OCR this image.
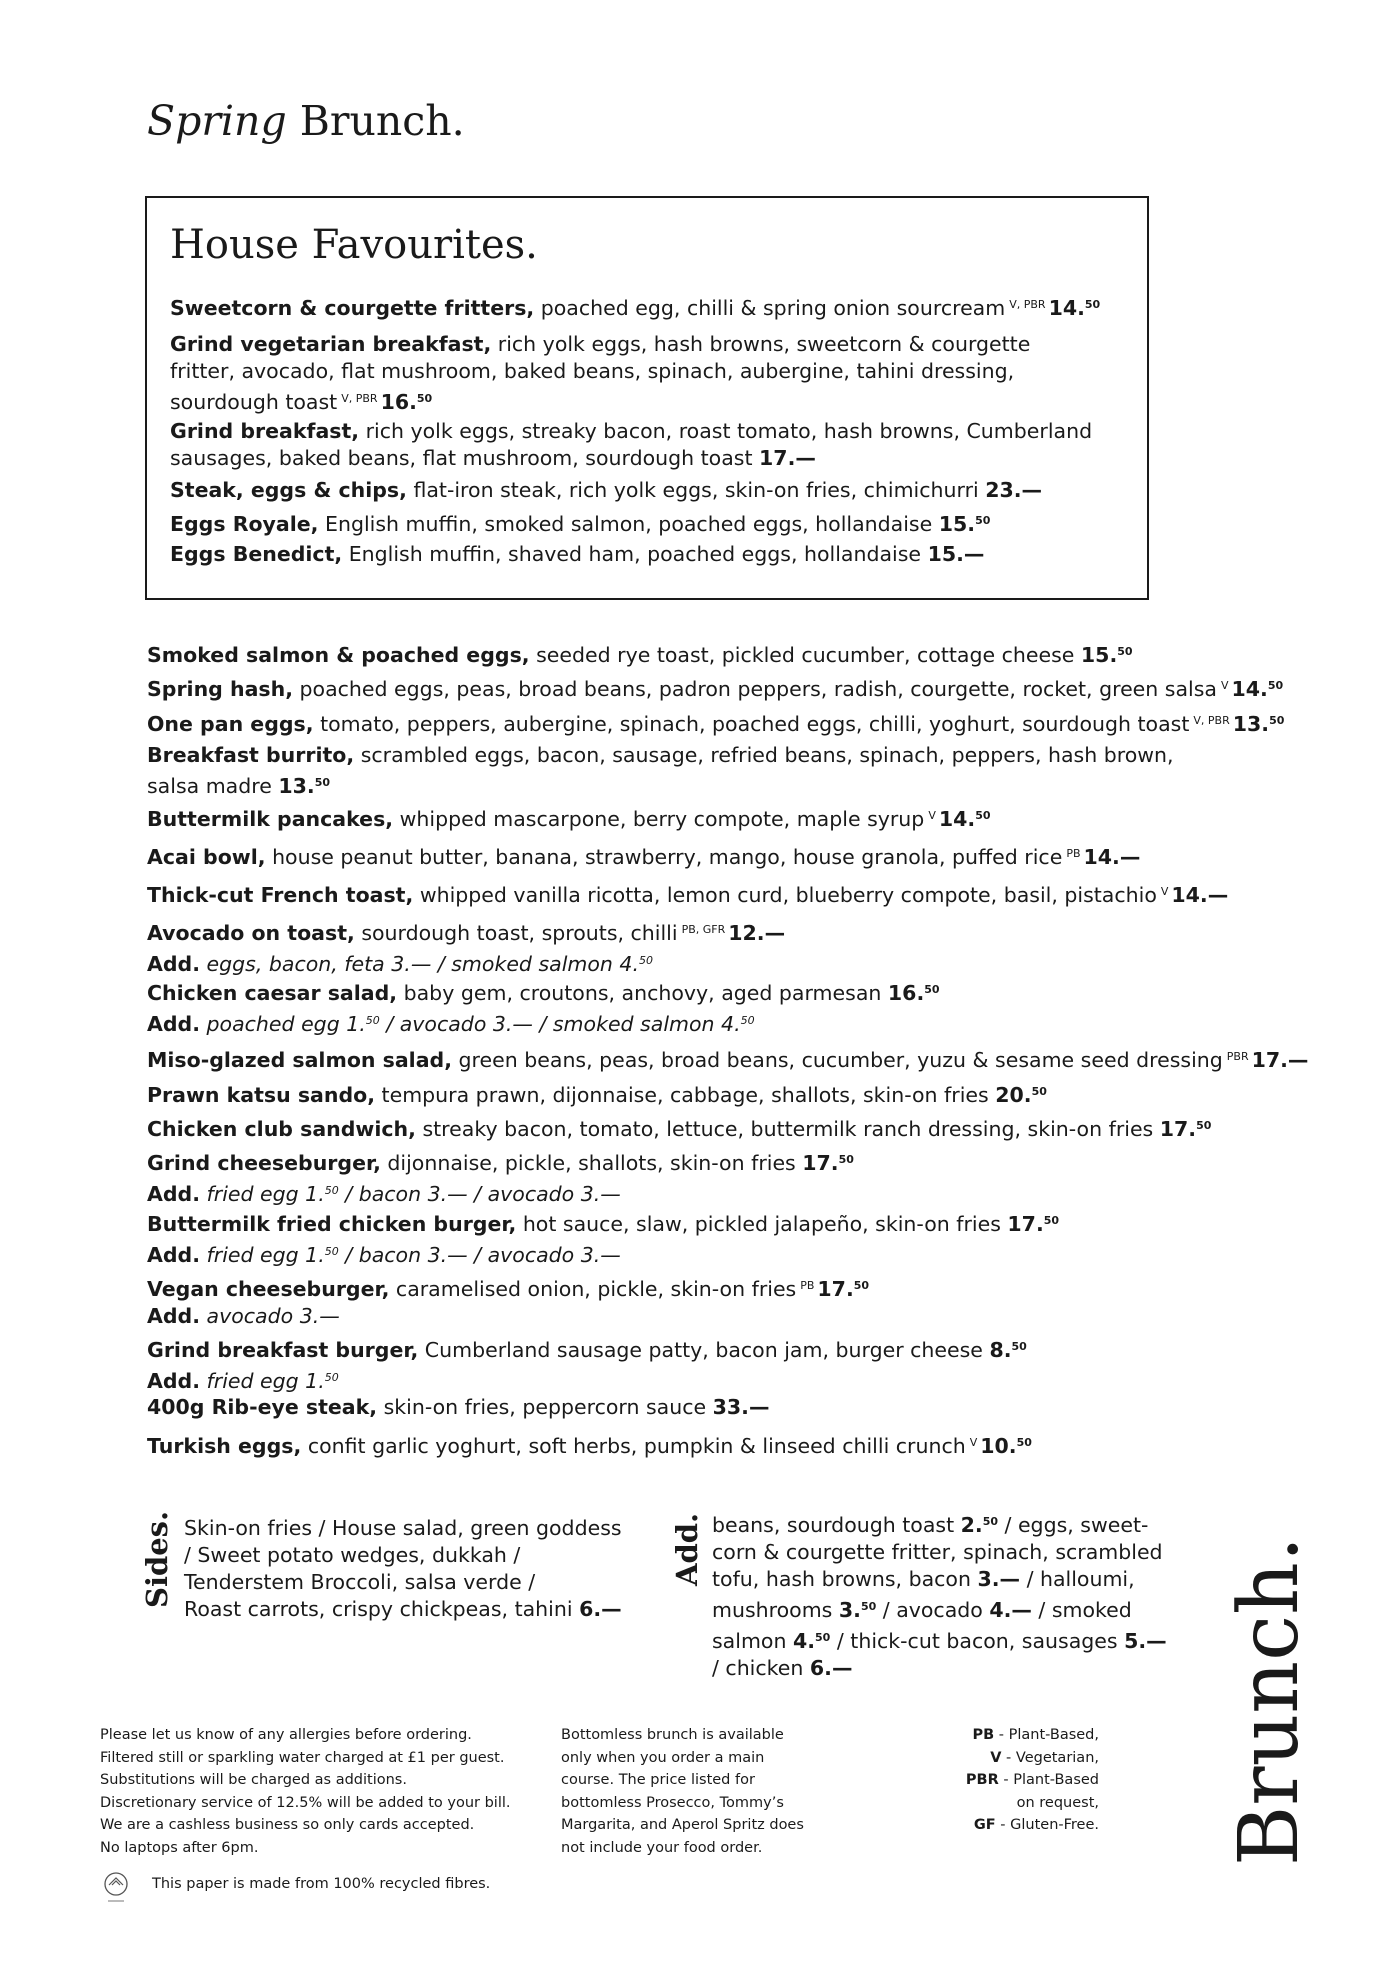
Spring Brunch.
House Favourites.
Sweetcorn & courgette fritters, poached egg, chilli & spring onion sourcream $^{V, PBR}$ 14.50
Grind vegetarian breakfast, rich yolk eggs, hash browns, sweetcorn & courgette
fritter, avocado, flat mushroom, baked beans, spinach, aubergine, tahini dressing,
sourdough toast $^{V, PBR}$ 16.50
Grind breakfast, rich yolk eggs, streaky bacon, roast tomato, hash browns, Cumberland
sausages, baked beans, flat mushroom, sourdough toast 17.—
Steak, eggs & chips, flat-iron steak, rich yolk eggs, skin-on fries, chimichurri 23.—
Eggs Royale, English muffin, smoked salmon, poached eggs, hollandaise 15.50
Eggs Benedict, English muffin, shaved ham, poached eggs, hollandaise 15.—
Smoked salmon & poached eggs, seeded rye toast, pickled cucumber, cottage cheese 15.50
Spring hash, poached eggs, peas, broad beans, padron peppers, radish, courgette, rocket, green salsa $^V$ 14.50
One pan eggs, tomato, peppers, aubergine, spinach, poached eggs, chilli, yoghurt, sourdough toast $^{V, PBR}$ 13.50
Breakfast burrito, scrambled eggs, bacon, sausage, refried beans, spinach, peppers, hash brown,
salsa madre 13.50
Buttermilk pancakes, whipped mascarpone, berry compote, maple syrup $^V$ 14.50
Acai bowl, house peanut butter, banana, strawberry, mango, house granola, puffed rice $^{PB}$ 14.—
Thick-cut French toast, whipped vanilla ricotta, lemon curd, blueberry compote, basil, pistachio $^V$ 14.—
Avocado on toast, sourdough toast, sprouts, chilli $^{PB, GFR}$ 12.—
Add. eggs, bacon, feta 3.— / smoked salmon 4.50
Chicken caesar salad, baby gem, croutons, anchovy, aged parmesan 16.50
Add. poached egg 1.50 / avocado 3.— / smoked salmon 4.50
Miso-glazed salmon salad, green beans, peas, broad beans, cucumber, yuzu & sesame seed dressing $^{PBR}$ 17.—
Prawn katsu sando, tempura prawn, dijonnaise, cabbage, shallots, skin-on fries 20.50
Chicken club sandwich, streaky bacon, tomato, lettuce, buttermilk ranch dressing, skin-on fries 17.50
Grind cheeseburger, dijonnaise, pickle, shallots, skin-on fries 17.50
Add. fried egg 1.50 / bacon 3.— / avocado 3.—
Buttermilk fried chicken burger, hot sauce, slaw, pickled jalapeño, skin-on fries 17.50
Add. fried egg 1.50 / bacon 3.— / avocado 3.—
Vegan cheeseburger, caramelised onion, pickle, skin-on fries $^{PB}$ 17.50
Add. avocado 3.—
Grind breakfast burger, Cumberland sausage patty, bacon jam, burger cheese 8.50
Add. fried egg 1.50
400g Rib-eye steak, skin-on fries, peppercorn sauce 33.—
Turkish eggs, confit garlic yoghurt, soft herbs, pumpkin & linseed chilli crunch $^V$ 10.50
Sides. Skin-on fries / House salad, green goddess
/ Sweet potato wedges, dukkah /
Tenderstem Broccoli, salsa verde /
Roast carrots, crispy chickpeas, tahini 6.—
Add. beans, sourdough toast 2.50 / eggs, sweet-
corn & courgette fritter, spinach, scrambled
tofu, hash browns, bacon 3.— / halloumi,
mushrooms 3.50 / avocado 4.— / smoked
salmon 4.50 / thick-cut bacon, sausages 5.—
/ chicken 6.—	Brunch.
Please let us know of any allergies before ordering.
Filtered still or sparkling water charged at £1 per guest.
Substitutions will be charged as additions.
Discretionary service of 12.5% will be added to your bill.
We are a cashless business so only cards accepted.
No laptops after 6pm.
Bottomless brunch is available
only when you order a main
course. The price listed for
bottomless Prosecco, Tommy’s
Margarita, and Aperol Spritz does
not include your food order.
PB - Plant-Based,
V - Vegetarian,
PBR - Plant-Based
on request,
GF - Gluten-Free.
This paper is made from 100% recycled fibres.
